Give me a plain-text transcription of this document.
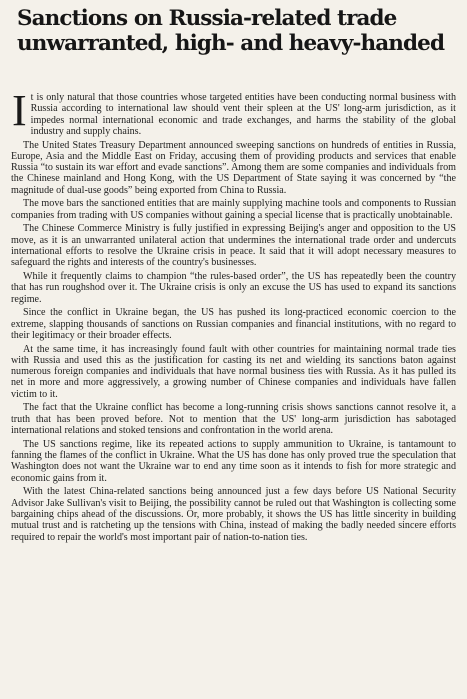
Sanctions on Russia-related trade
unwarranted, high- and heavy-handed

It is only natural that those countries whose targeted entities have been conducting normal business with Russia according to international law should vent their spleen at the US' long-arm jurisdiction, as it impedes normal international economic and trade exchanges, and harms the stability of the global industry and supply chains.

The United States Treasury Department announced sweeping sanctions on hundreds of entities in Russia, Europe, Asia and the Middle East on Friday, accusing them of providing products and services that enable Russia “to sustain its war effort and evade sanctions”. Among them are some companies and individuals from the Chinese mainland and Hong Kong, with the US Department of State saying it was concerned by “the magnitude of dual-use goods” being exported from China to Russia.

The move bars the sanctioned entities that are mainly supplying machine tools and components to Russian companies from trading with US companies without gaining a special license that is practically unobtainable.

The Chinese Commerce Ministry is fully justified in expressing Beijing's anger and opposition to the US move, as it is an unwarranted unilateral action that undermines the international trade order and undercuts international efforts to resolve the Ukraine crisis in peace. It said that it will adopt necessary measures to safeguard the rights and interests of the country's businesses.

While it frequently claims to champion “the rules-based order”, the US has repeatedly been the country that has run roughshod over it. The Ukraine crisis is only an excuse the US has used to expand its sanctions regime.

Since the conflict in Ukraine began, the US has pushed its long-practiced economic coercion to the extreme, slapping thousands of sanctions on Russian companies and financial institutions, with no regard to their legitimacy or their broader effects.

At the same time, it has increasingly found fault with other countries for maintaining normal trade ties with Russia and used this as the justification for casting its net and wielding its sanctions baton against numerous foreign companies and individuals that have normal business ties with Russia. As it has pulled its net in more and more aggressively, a growing number of Chinese companies and individuals have fallen victim to it.

The fact that the Ukraine conflict has become a long-running crisis shows sanctions cannot resolve it, a truth that has been proved before. Not to mention that the US' long-arm jurisdiction has sabotaged international relations and stoked tensions and confrontation in the world arena.

The US sanctions regime, like its repeated actions to supply ammunition to Ukraine, is tantamount to fanning the flames of the conflict in Ukraine. What the US has done has only proved true the speculation that Washington does not want the Ukraine war to end any time soon as it intends to fish for more strategic and economic gains from it.

With the latest China-related sanctions being announced just a few days before US National Security Advisor Jake Sullivan's visit to Beijing, the possibility cannot be ruled out that Washington is collecting some bargaining chips ahead of the discussions. Or, more probably, it shows the US has little sincerity in building mutual trust and is ratcheting up the tensions with China, instead of making the badly needed sincere efforts required to repair the world's most important pair of nation-to-nation ties.
